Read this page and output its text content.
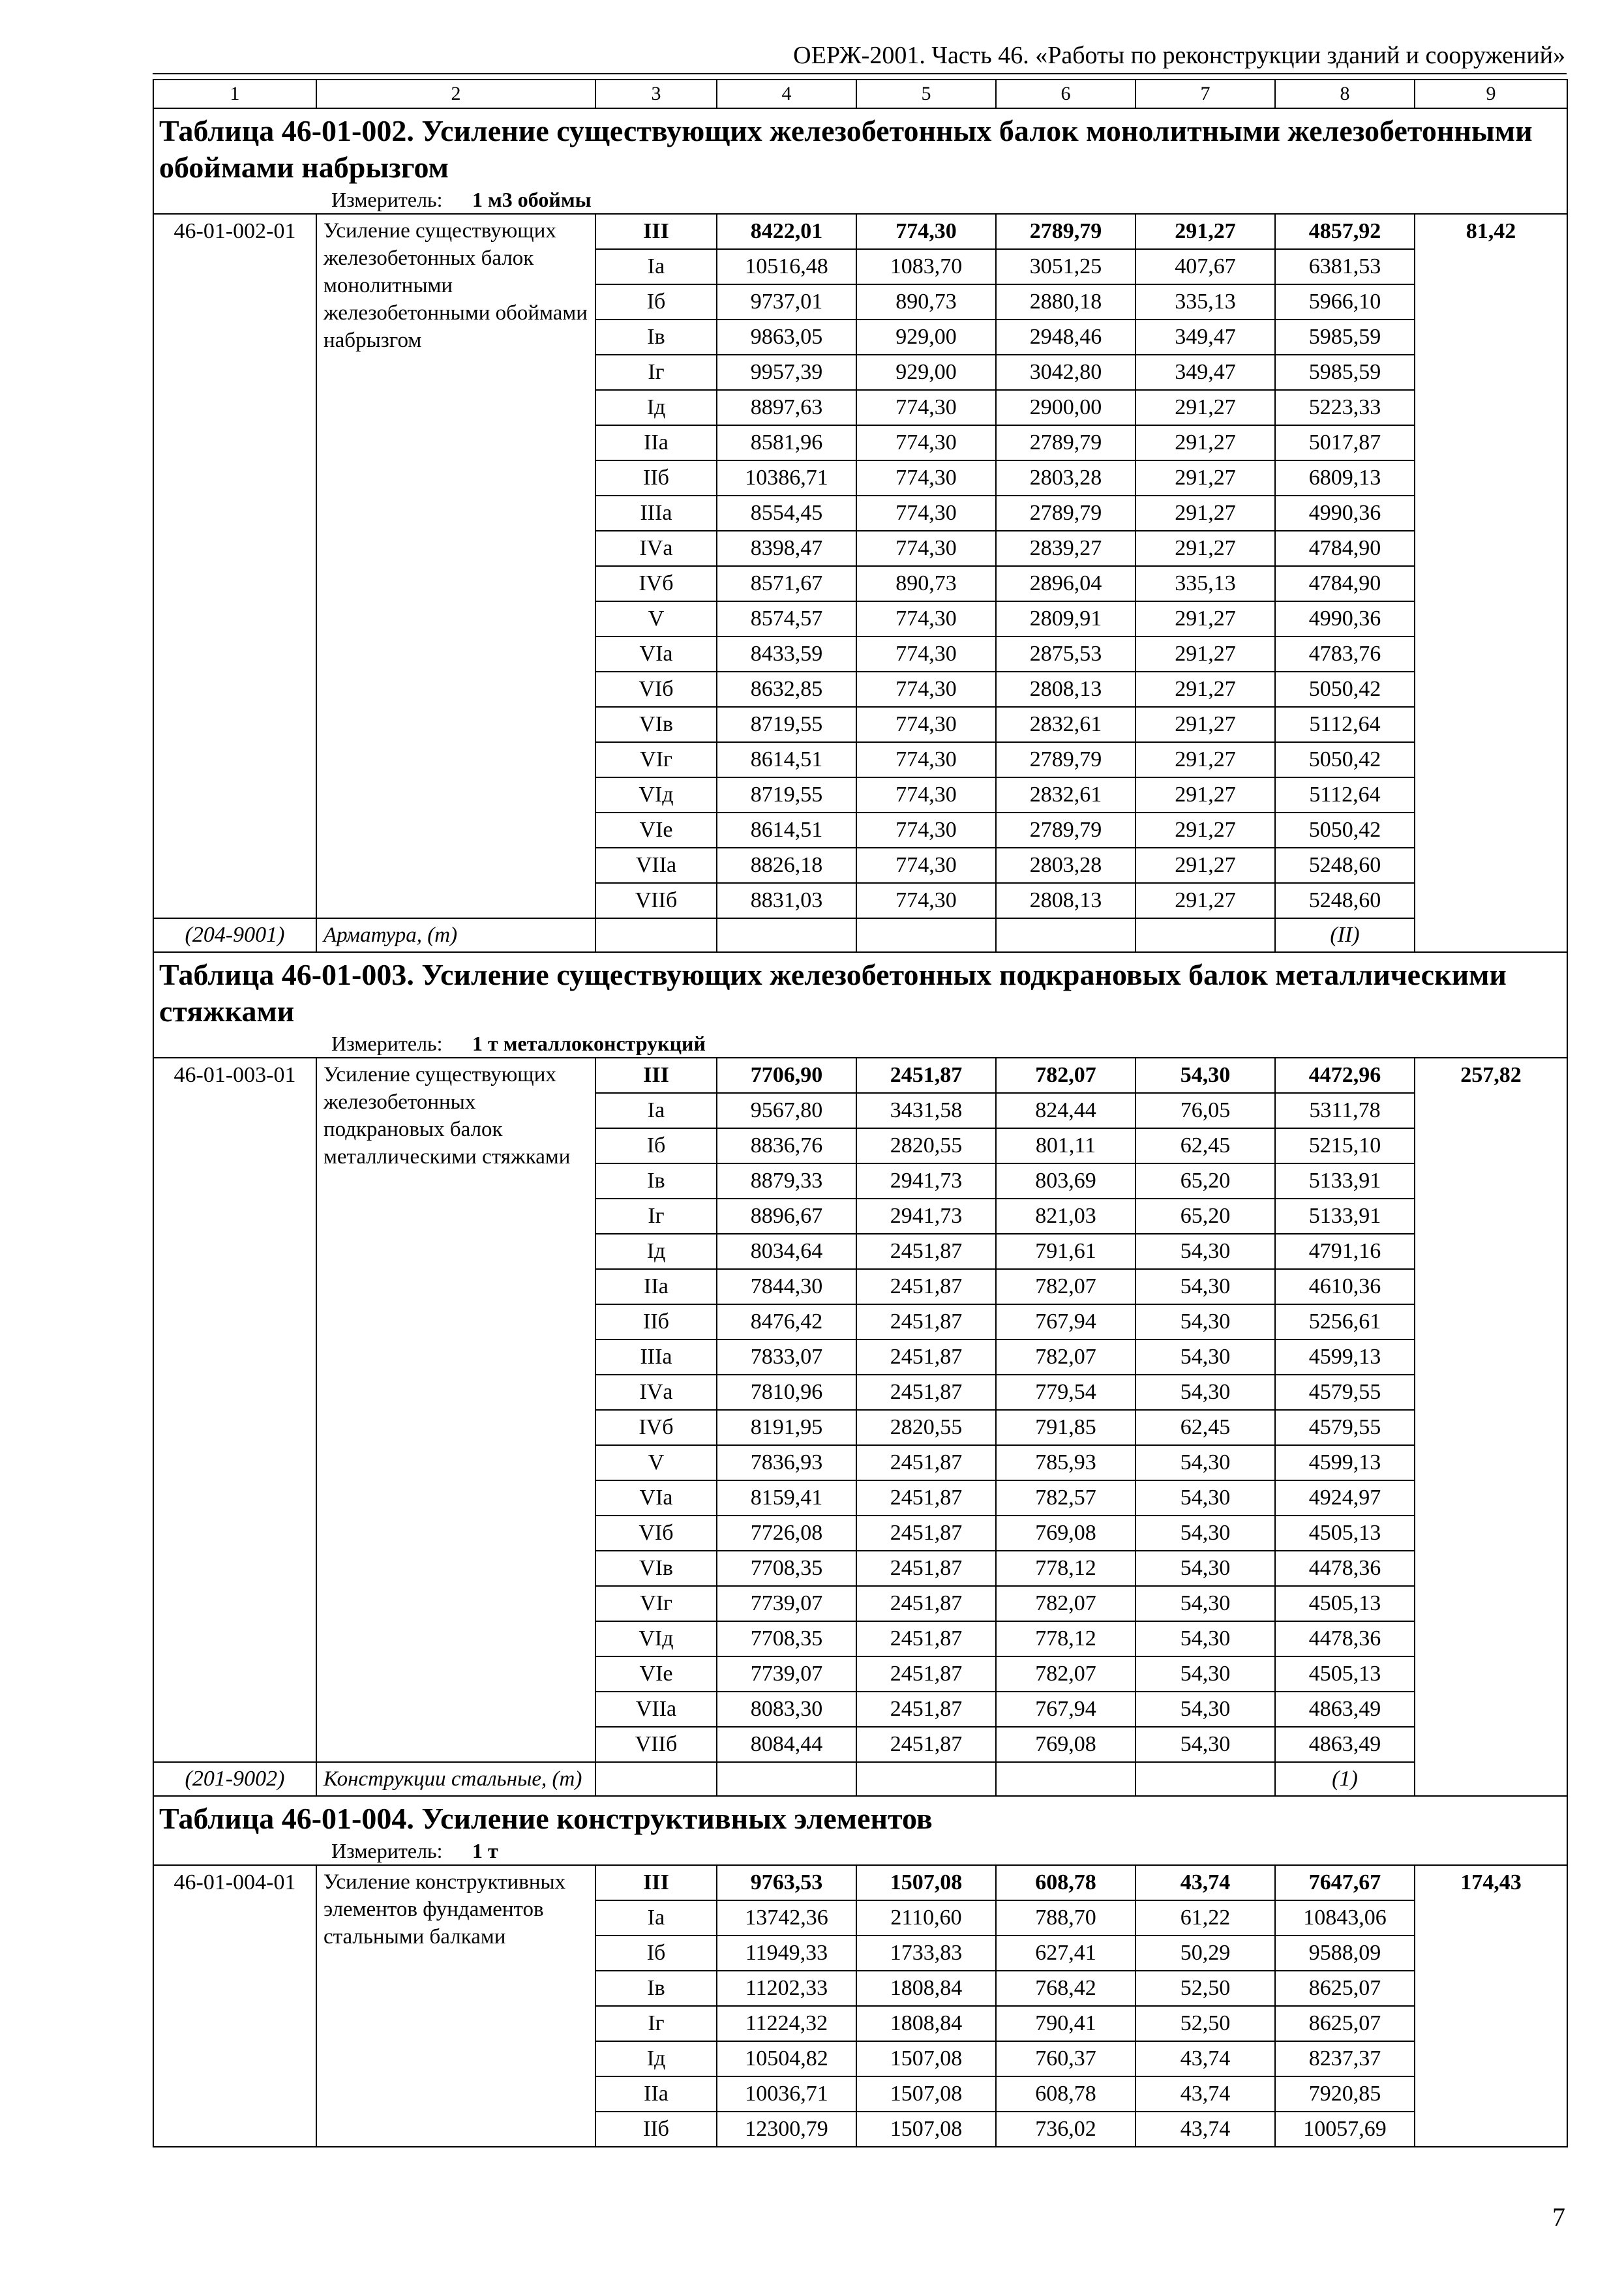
ОЕРЖ-2001. Часть 46. «Работы по реконструкции зданий и сооружений»
1	2	3	4	5	6	7	8	9
Таблица 46-01-002. Усиление существующих железобетонных балок монолитными железобетонными обоймами набрызгом								
Измеритель: 1 м3 обоймы								
46-01-002-01	Усиление существующих железобетонных балок монолитными железобетонными обоймами набрызгом	III	8422,01	774,30	2789,79	291,27	4857,92	81,42
		Iа	10516,48	1083,70	3051,25	407,67	6381,53	
		Iб	9737,01	890,73	2880,18	335,13	5966,10	
		Iв	9863,05	929,00	2948,46	349,47	5985,59	
		Iг	9957,39	929,00	3042,80	349,47	5985,59	
		Iд	8897,63	774,30	2900,00	291,27	5223,33	
		IIа	8581,96	774,30	2789,79	291,27	5017,87	
		IIб	10386,71	774,30	2803,28	291,27	6809,13	
		IIIа	8554,45	774,30	2789,79	291,27	4990,36	
		IVа	8398,47	774,30	2839,27	291,27	4784,90	
		IVб	8571,67	890,73	2896,04	335,13	4784,90	
		V	8574,57	774,30	2809,91	291,27	4990,36	
		VIа	8433,59	774,30	2875,53	291,27	4783,76	
		VIб	8632,85	774,30	2808,13	291,27	5050,42	
		VIв	8719,55	774,30	2832,61	291,27	5112,64	
		VIг	8614,51	774,30	2789,79	291,27	5050,42	
		VIд	8719,55	774,30	2832,61	291,27	5112,64	
		VIе	8614,51	774,30	2789,79	291,27	5050,42	
		VIIа	8826,18	774,30	2803,28	291,27	5248,60	
		VIIб	8831,03	774,30	2808,13	291,27	5248,60	
(204-9001)	Арматура, (т)						(II)	
Таблица 46-01-003. Усиление существующих железобетонных подкрановых балок металлическими стяжками								
Измеритель: 1 т металлоконструкций								
46-01-003-01	Усиление существующих железобетонных подкрановых балок металлическими стяжками	III	7706,90	2451,87	782,07	54,30	4472,96	257,82
		Iа	9567,80	3431,58	824,44	76,05	5311,78	
		Iб	8836,76	2820,55	801,11	62,45	5215,10	
		Iв	8879,33	2941,73	803,69	65,20	5133,91	
		Iг	8896,67	2941,73	821,03	65,20	5133,91	
		Iд	8034,64	2451,87	791,61	54,30	4791,16	
		IIа	7844,30	2451,87	782,07	54,30	4610,36	
		IIб	8476,42	2451,87	767,94	54,30	5256,61	
		IIIа	7833,07	2451,87	782,07	54,30	4599,13	
		IVа	7810,96	2451,87	779,54	54,30	4579,55	
		IVб	8191,95	2820,55	791,85	62,45	4579,55	
		V	7836,93	2451,87	785,93	54,30	4599,13	
		VIа	8159,41	2451,87	782,57	54,30	4924,97	
		VIб	7726,08	2451,87	769,08	54,30	4505,13	
		VIв	7708,35	2451,87	778,12	54,30	4478,36	
		VIг	7739,07	2451,87	782,07	54,30	4505,13	
		VIд	7708,35	2451,87	778,12	54,30	4478,36	
		VIе	7739,07	2451,87	782,07	54,30	4505,13	
		VIIа	8083,30	2451,87	767,94	54,30	4863,49	
		VIIб	8084,44	2451,87	769,08	54,30	4863,49	
(201-9002)	Конструкции стальные, (т)						(1)	
Таблица 46-01-004. Усиление конструктивных элементов								
Измеритель: 1 т								
46-01-004-01	Усиление конструктивных элементов фундаментов стальными балками	III	9763,53	1507,08	608,78	43,74	7647,67	174,43
		Iа	13742,36	2110,60	788,70	61,22	10843,06	
		Iб	11949,33	1733,83	627,41	50,29	9588,09	
		Iв	11202,33	1808,84	768,42	52,50	8625,07	
		Iг	11224,32	1808,84	790,41	52,50	8625,07	
		Iд	10504,82	1507,08	760,37	43,74	8237,37	
		IIа	10036,71	1507,08	608,78	43,74	7920,85	
		IIб	12300,79	1507,08	736,02	43,74	10057,69	
7
